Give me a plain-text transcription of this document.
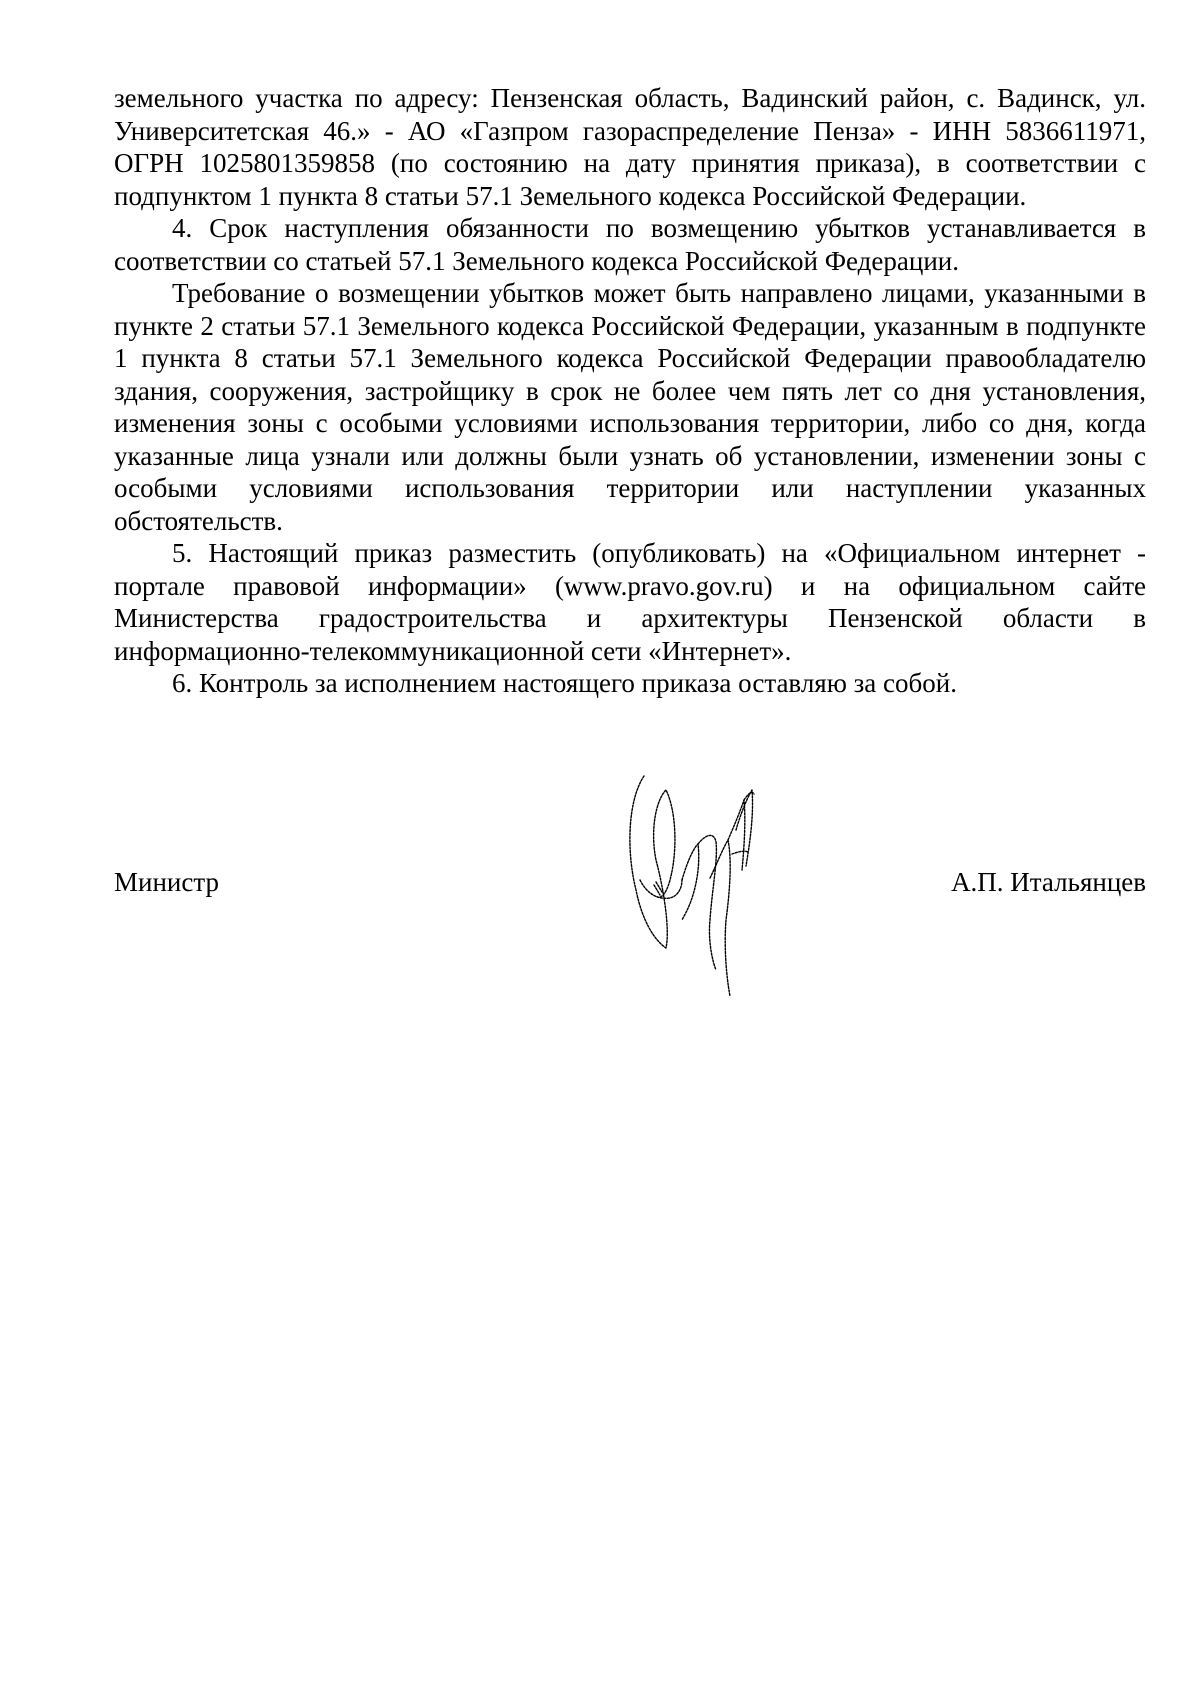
земельного участка по адресу: Пензенская область, Вадинский район, с. Вадинск, ул. Университетская 46.» - АО «Газпром газораспределение Пенза» - ИНН 5836611971, ОГРН 1025801359858 (по состоянию на дату принятия приказа), в соответствии с подпунктом 1 пункта 8 статьи 57.1 Земельного кодекса Российской Федерации.

4. Срок наступления обязанности по возмещению убытков устанавливается в соответствии со статьей 57.1 Земельного кодекса Российской Федерации.

Требование о возмещении убытков может быть направлено лицами, указанными в пункте 2 статьи 57.1 Земельного кодекса Российской Федерации, указанным в подпункте 1 пункта 8 статьи 57.1 Земельного кодекса Российской Федерации правообладателю здания, сооружения, застройщику в срок не более чем пять лет со дня установления, изменения зоны с особыми условиями использования территории, либо со дня, когда указанные лица узнали или должны были узнать об установлении, изменении зоны с особыми условиями использования территории или наступлении указанных обстоятельств.

5. Настоящий приказ разместить (опубликовать) на «Официальном интернет - портале правовой информации» (www.pravo.gov.ru) и на официальном сайте Министерства градостроительства и архитектуры Пензенской области в информационно-телекоммуникационной сети «Интернет».

6. Контроль за исполнением настоящего приказа оставляю за собой.

Министр	А.П. Итальянцев
